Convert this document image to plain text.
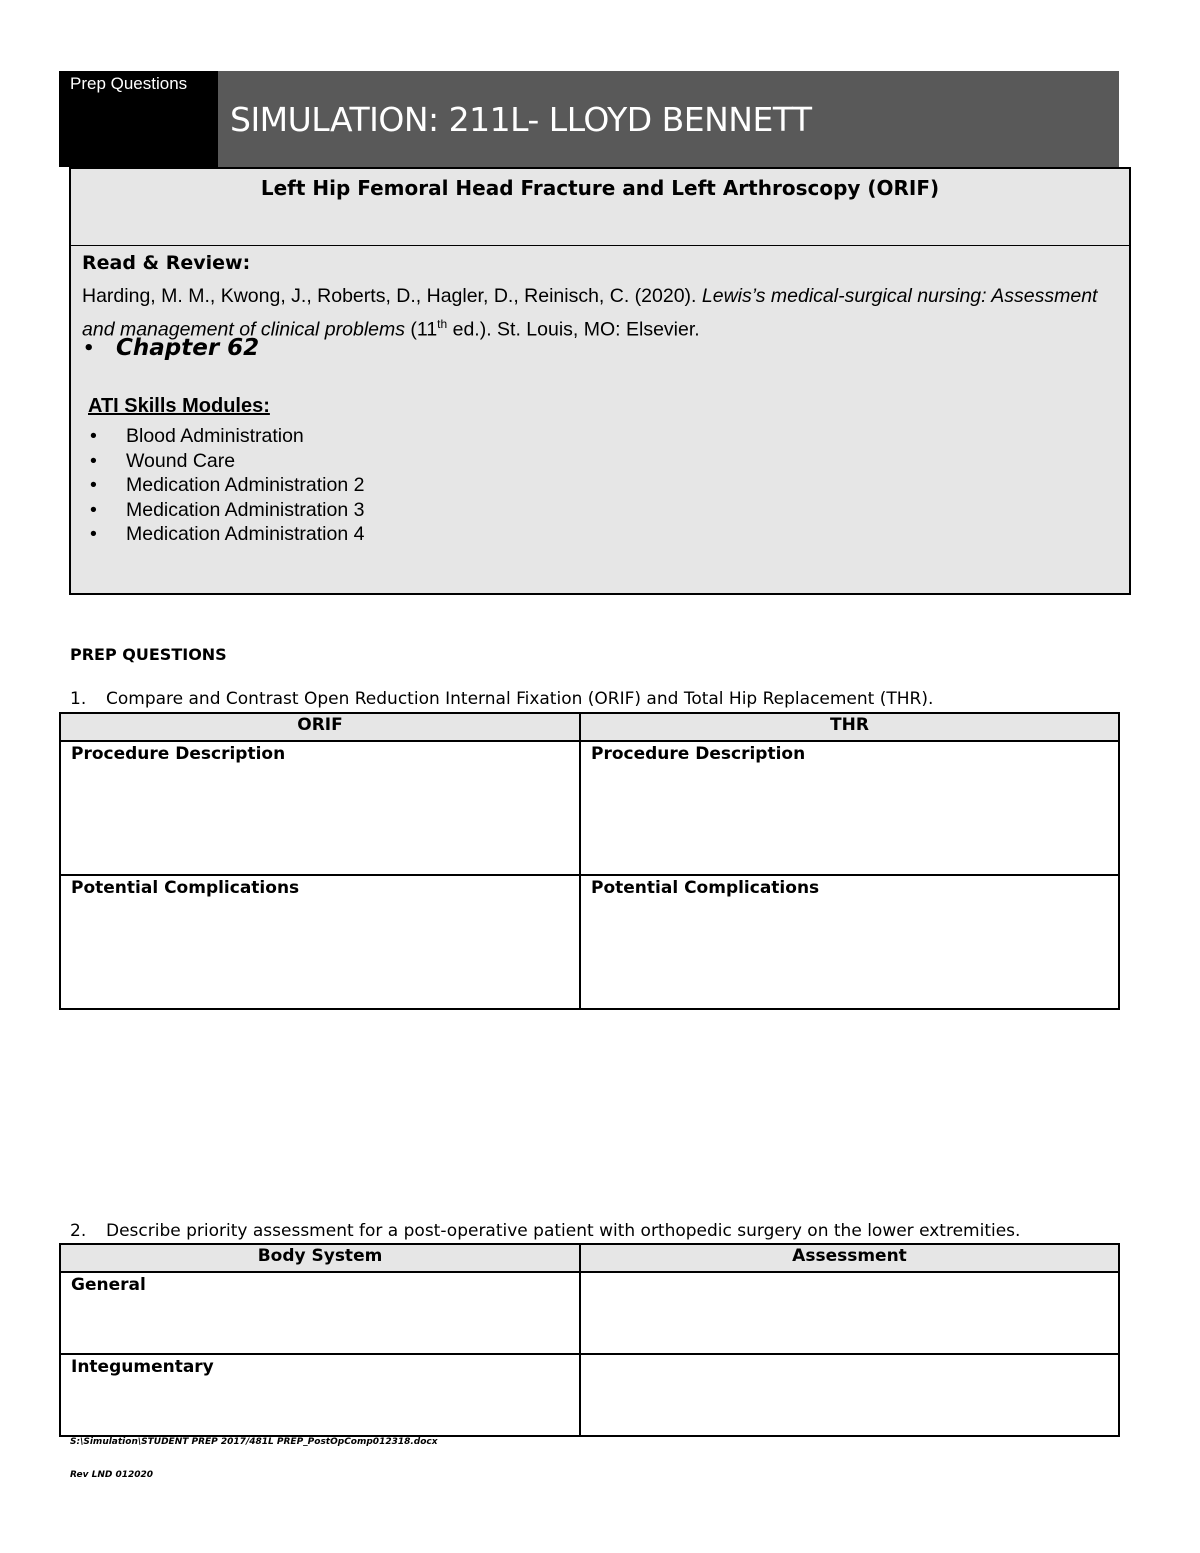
Prep Questions
SIMULATION: 211L- LLOYD BENNETT
Left Hip Femoral Head Fracture and Left Arthroscopy (ORIF)
Read & Review:
Harding, M. M., Kwong, J., Roberts, D., Hagler, D., Reinisch, C. (2020). Lewis’s medical-surgical nursing: Assessment and management of clinical problems (11th ed.). St. Louis, MO: Elsevier.
• Chapter 62
ATI Skills Modules:
• Blood Administration
• Wound Care
• Medication Administration 2
• Medication Administration 3
• Medication Administration 4
PREP QUESTIONS
1. Compare and Contrast Open Reduction Internal Fixation (ORIF) and Total Hip Replacement (THR).
ORIF	THR
Procedure Description	Procedure Description
Potential Complications	Potential Complications
2. Describe priority assessment for a post-operative patient with orthopedic surgery on the lower extremities.
Body System	Assessment
General	
Integumentary	
S:\Simulation\STUDENT PREP 2017/481L PREP_PostOpComp012318.docx
Rev LND 012020
